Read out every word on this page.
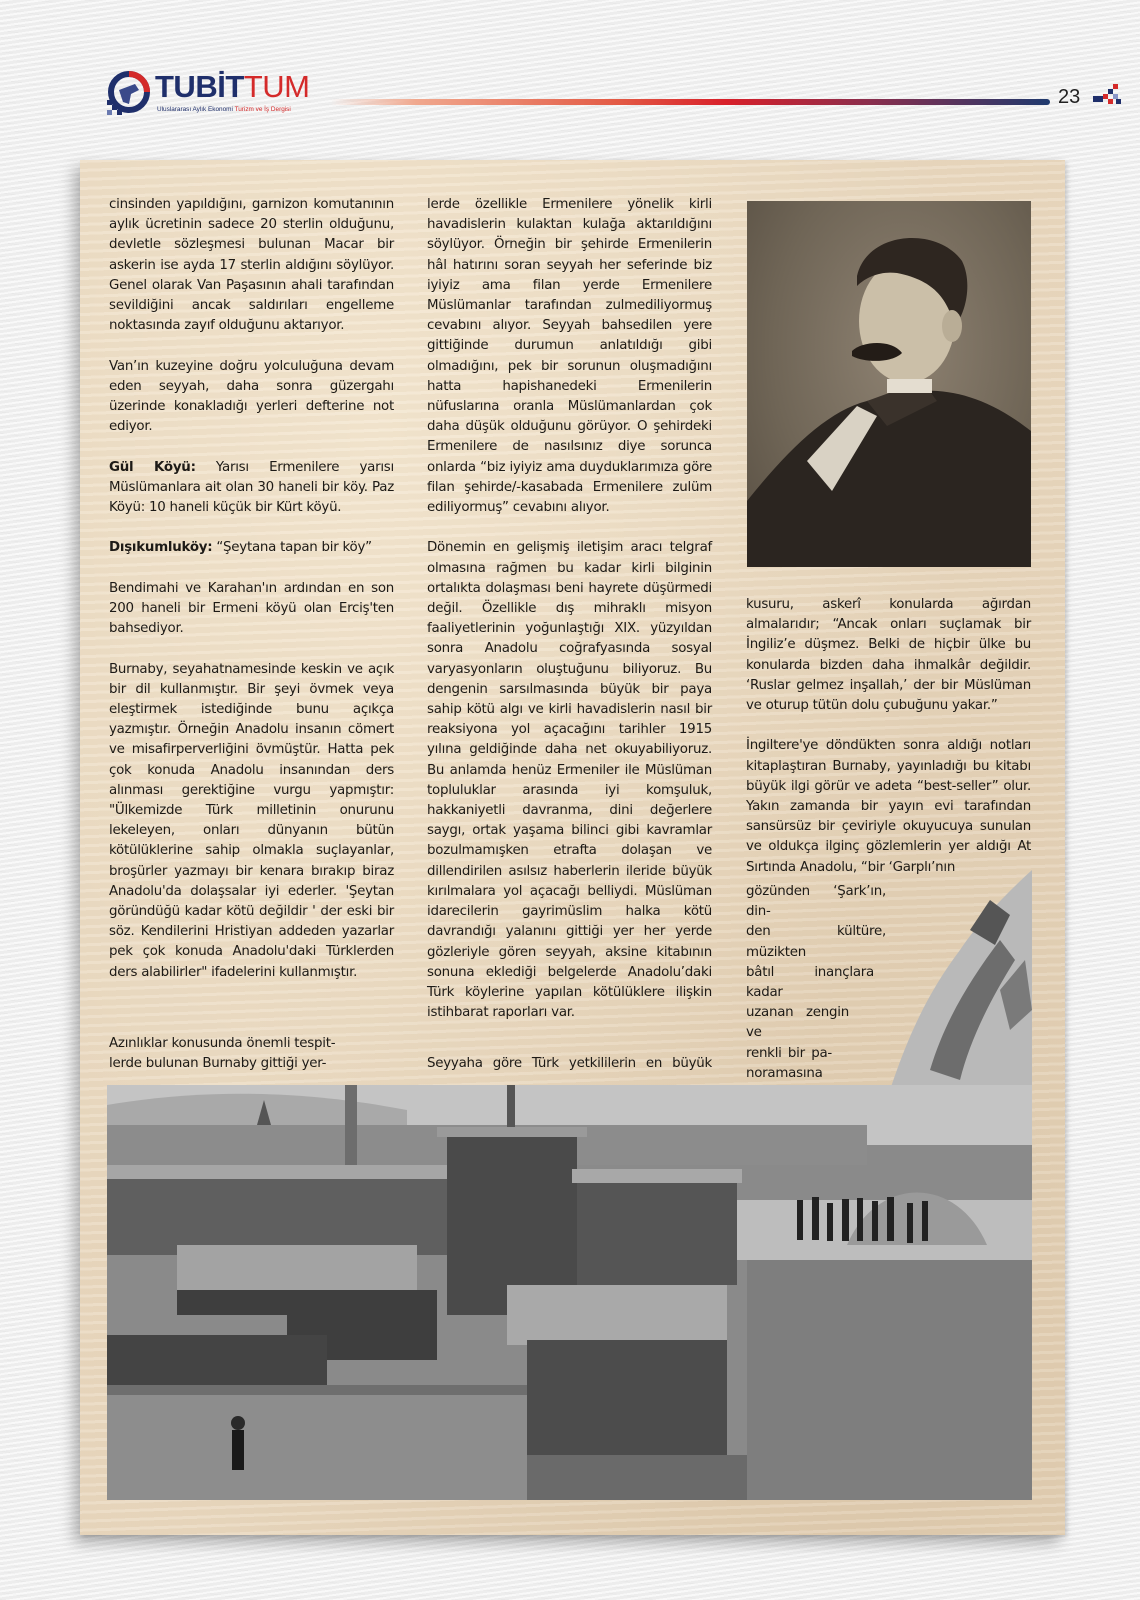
TUBİTTUM
Uluslararası Aylık Ekonomi Turizm ve İş Dergisi
23

cinsinden yapıldığını, garnizon komutanının aylık ücretinin sadece 20 sterlin olduğunu, devletle sözleşmesi bulunan Macar bir askerin ise ayda 17 sterlin aldığını söylüyor. Genel olarak Van Paşasının ahali tarafından sevildiğini ancak saldırıları engelleme noktasında zayıf olduğunu aktarıyor.

Van’ın kuzeyine doğru yolculuğuna devam eden seyyah, daha sonra güzergahı üzerinde konakladığı yerleri defterine not ediyor.

Gül Köyü: Yarısı Ermenilere yarısı Müslümanlara ait olan 30 haneli bir köy. Paz Köyü: 10 haneli küçük bir Kürt köyü.

Dışıkumluköy: “Şeytana tapan bir köy”

Bendimahi ve Karahan'ın ardından en son 200 haneli bir Ermeni köyü olan Erciş'ten bahsediyor.

Burnaby, seyahatnamesinde keskin ve açık bir dil kullanmıştır. Bir şeyi övmek veya eleştirmek istediğinde bunu açıkça yazmıştır. Örneğin Anadolu insanın cömert ve misafirperverliğini övmüştür. Hatta pek çok konuda Anadolu insanından ders alınması gerektiğine vurgu yapmıştır: "Ülkemizde Türk milletinin onurunu lekeleyen, onları dünyanın bütün kötülüklerine sahip olmakla suçlayanlar, broşürler yazmayı bir kenara bırakıp biraz Anadolu'da dolaşsalar iyi ederler. 'Şeytan göründüğü kadar kötü değildir ' der eski bir söz. Kendilerini Hristiyan addeden yazarlar pek çok konuda Anadolu'daki Türklerden ders alabilirler" ifadelerini kullanmıştır.

lerde özellikle Ermenilere yönelik kirli havadislerin kulaktan kulağa aktarıldığını söylüyor. Örneğin bir şehirde Ermenilerin hâl hatırını soran seyyah her seferinde biz iyiyiz ama filan yerde Ermenilere Müslümanlar tarafından zulmediliyormuş cevabını alıyor. Seyyah bahsedilen yere gittiğinde durumun anlatıldığı gibi olmadığını, pek bir sorunun oluşmadığını hatta hapishanedeki Ermenilerin nüfuslarına oranla Müslümanlardan çok daha düşük olduğunu görüyor. O şehirdeki Ermenilere de nasılsınız diye sorunca onlarda “biz iyiyiz ama duyduklarımıza göre filan şehirde/-kasabada Ermenilere zulüm ediliyormuş” cevabını alıyor.

Dönemin en gelişmiş iletişim aracı telgraf olmasına rağmen bu kadar kirli bilginin ortalıkta dolaşması beni hayrete düşürmedi değil. Özellikle dış mihraklı misyon faaliyetlerinin yoğunlaştığı XIX. yüzyıldan sonra Anadolu coğrafyasında sosyal varyasyonların oluştuğunu biliyoruz. Bu dengenin sarsılmasında büyük bir paya sahip kötü algı ve kirli havadislerin nasıl bir reaksiyona yol açacağını tarihler 1915 yılına geldiğinde daha net okuyabiliyoruz. Bu anlamda henüz Ermeniler ile Müslüman topluluklar arasında iyi komşuluk, hakkaniyetli davranma, dini değerlere saygı, ortak yaşama bilinci gibi kavramlar bozulmamışken etrafta dolaşan ve dillendirilen asılsız haberlerin ileride büyük kırılmalara yol açacağı belliydi. Müslüman idarecilerin gayrimüslim halka kötü davrandığı yalanını gittiği yer her yerde gözleriyle gören seyyah, aksine kitabının sonuna eklediği belgelerde Anadolu’daki Türk köylerine yapılan kötülüklere ilişkin istihbarat raporları var.

kusuru, askerî konularda ağırdan almalarıdır; “Ancak onları suçlamak bir İngiliz’e düşmez. Belki de hiçbir ülke bu konularda bizden daha ihmalkâr değildir. ‘Ruslar gelmez inşallah,’ der bir Müslüman ve oturup tütün dolu çubuğunu yakar.”

İngiltere'ye döndükten sonra aldığı notları kitaplaştıran Burnaby, yayınladığı bu kitabı büyük ilgi görür ve adeta “best-seller” olur. Yakın zamanda bir yayın evi tarafından sansürsüz bir çeviriyle okuyucuya sunulan ve oldukça ilginç gözlemlerin yer aldığı At Sırtında Anadolu, “bir ‘Garplı’nın

gözünden ‘Şark’ın, din-
den kültüre, müzikten
bâtıl inançlara kadar
uzanan zengin ve
renkli bir pa-
noramasına
Azınlıklar konusunda önemli tespit-
lerde bulunan Burnaby gittiği yer-	Seyyaha göre Türk yetkililerin en büyük
